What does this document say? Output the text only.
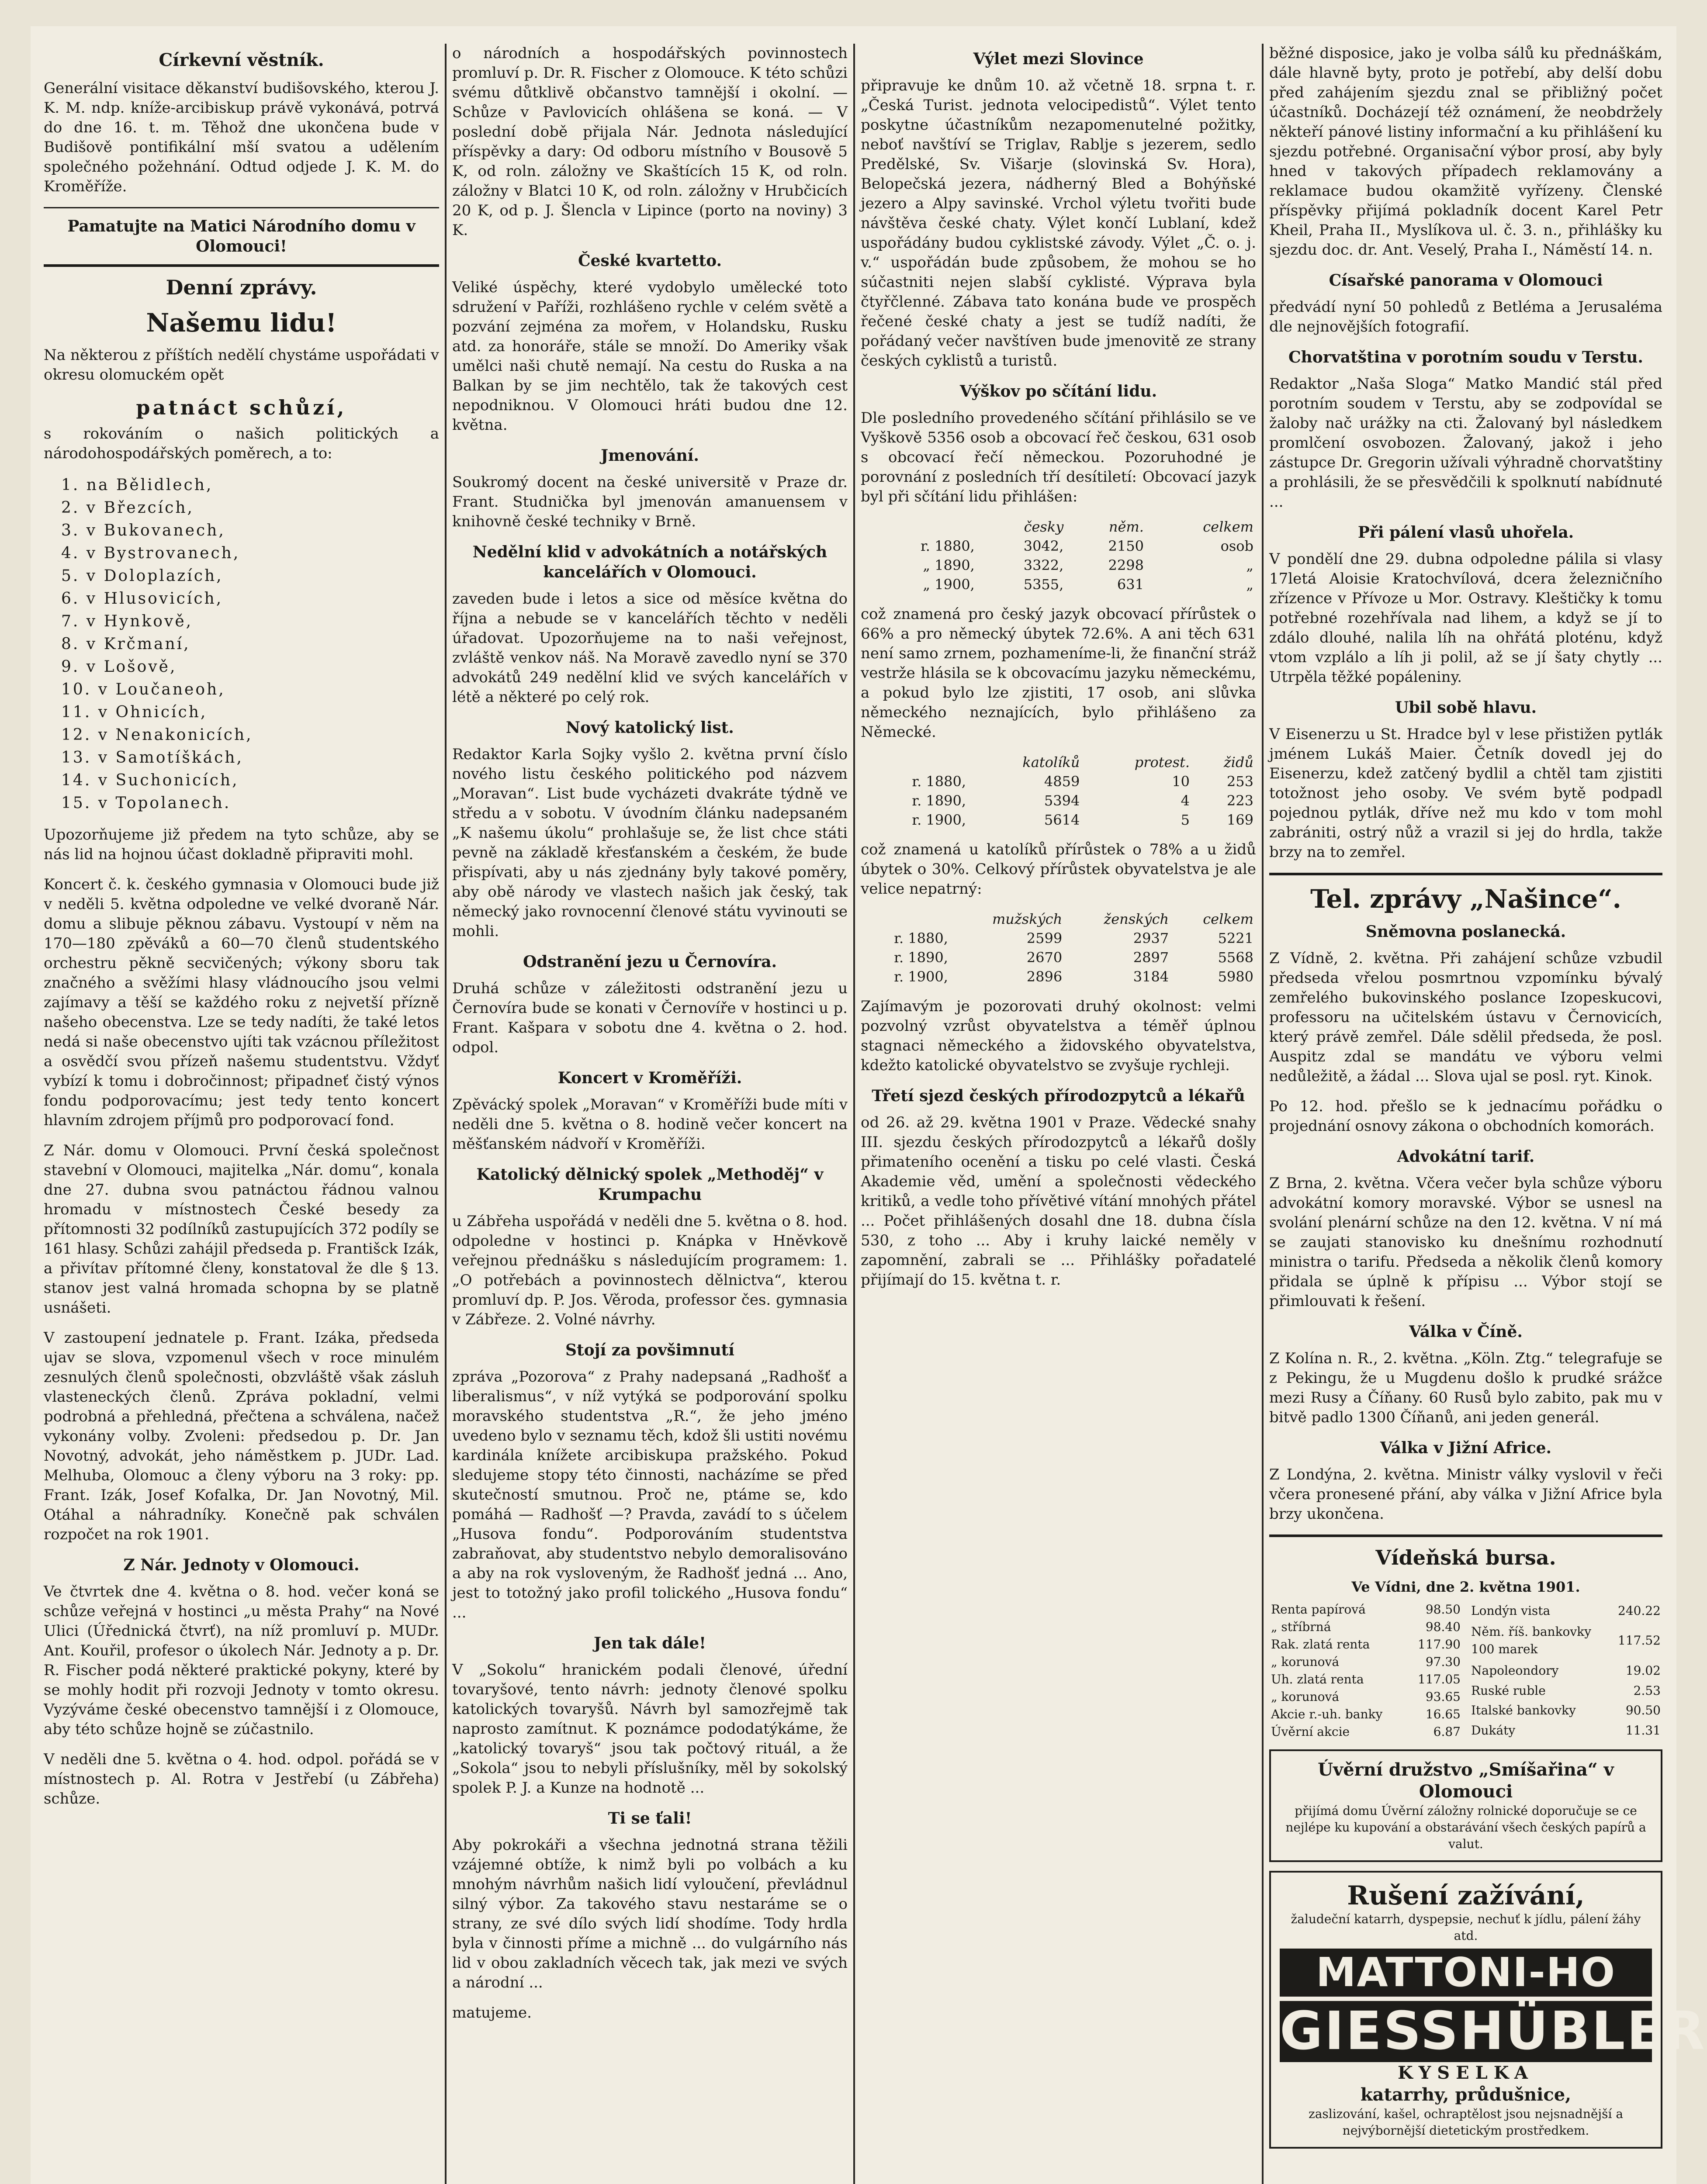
Církevní věstník.

Generální visitace děkanství budišovského, kterou J. K. M. ndp. kníže-arcibiskup právě vykonává, potrvá do dne 16. t. m. Těhož dne ukončena bude v Budišově pontifikální mší svatou a udělením společného požehnání. Odtud odjede J. K. M. do Kroměříže.

Pamatujte na Matici Národního domu v Olomouci!
Denní zprávy.
Našemu lidu!

Na některou z příštích nedělí chystáme uspořádati v okresu olomuckém opět

patnáct schůzí,

s rokováním o našich politických a národohospodářských poměrech, a to:

1. na Bělidlech,
2. v Březcích,
3. v Bukovanech,
4. v Bystrovanech,
5. v Doloplazích,
6. v Hlusovicích,
7. v Hynkově,
8. v Krčmaní,
9. v Lošově,
10. v Loučaneoh,
11. v Ohnicích,
12. v Nenakonicích,
13. v Samotíškách,
14. v Suchonicích,
15. v Topolanech.

Upozorňujeme již předem na tyto schůze, aby se nás lid na hojnou účast dokladně připraviti mohl.

Koncert č. k. českého gymnasia v Olomouci bude již v neděli 5. května odpoledne ve velké dvoraně Nár. domu a slibuje pěknou zábavu. Vystoupí v něm na 170—180 zpěváků a 60—70 členů studentského orchestru pěkně secvičených; výkony sboru tak značného a svěžími hlasy vládnoucího jsou velmi zajímavy a těší se každého roku z nejvetší přízně našeho obecenstva. Lze se tedy nadíti, že také letos nedá si naše obecenstvo ujíti tak vzácnou příležitost a osvědčí svou přízeň našemu studentstvu. Vždyť vybízí k tomu i dobročinnost; připadneť čistý výnos fondu podporovacímu; jest tedy tento koncert hlavním zdrojem příjmů pro podporovací fond.

Z Nár. domu v Olomouci. První česká společnost stavební v Olomouci, majitelka „Nár. domu“, konala dne 27. dubna svou patnáctou řádnou valnou hromadu v místnostech České besedy za přítomnosti 32 podílníků zastupujících 372 podíly se 161 hlasy. Schůzi zahájil předseda p. Františck Izák, a přivítav přítomné členy, konstatoval že dle § 13. stanov jest valná hromada schopna by se platně usnášeti.

V zastoupení jednatele p. Frant. Izáka, předseda ujav se slova, vzpomenul všech v roce minulém zesnulých členů společnosti, obzvláště však zásluh vlasteneckých členů. Zpráva pokladní, velmi podrobná a přehledná, přečtena a schválena, načež vykonány volby. Zvoleni: předsedou p. Dr. Jan Novotný, advokát, jeho náměstkem p. JUDr. Lad. Melhuba, Olomouc a členy výboru na 3 roky: pp. Frant. Izák, Josef Kofalka, Dr. Jan Novotný, Mil. Otáhal a náhradníky. Konečně pak schválen rozpočet na rok 1901.

Z Nár. Jednoty v Olomouci.

Ve čtvrtek dne 4. května o 8. hod. večer koná se schůze veřejná v hostinci „u města Prahy“ na Nové Ulici (Úřednická čtvrť), na níž promluví p. MUDr. Ant. Kouřil, profesor o úkolech Nár. Jednoty a p. Dr. R. Fischer podá některé praktické pokyny, které by se mohly hodit při rozvoji Jednoty v tomto okresu. Vyzýváme české obecenstvo tamnější i z Olomouce, aby této schůze hojně se zúčastnilo.

V neděli dne 5. května o 4. hod. odpol. pořádá se v místnostech p. Al. Rotra v Jestřebí (u Zábřeha) schůze.

o národních a hospodářských povinnostech promluví p. Dr. R. Fischer z Olomouce. K této schůzi svému důtklivě občanstvo tamnější i okolní. — Schůze v Pavlovicích ohlášena se koná. — V poslední době přijala Nár. Jednota následující příspěvky a dary: Od odboru místního v Bousově 5 K, od roln. záložny ve Skaštících 15 K, od roln. záložny v Blatci 10 K, od roln. záložny v Hrubčicích 20 K, od p. J. Šlencla v Lipince (porto na noviny) 3 K.

České kvartetto.

Veliké úspěchy, které vydobylo umělecké toto sdružení v Paříži, rozhlášeno rychle v celém světě a pozvání zejména za mořem, v Holandsku, Rusku atd. za honoráře, stále se množí. Do Ameriky však umělci naši chutě nemají. Na cestu do Ruska a na Balkan by se jim nechtělo, tak že takových cest nepodniknou. V Olomouci hráti budou dne 12. května.

Jmenování.

Soukromý docent na české universitě v Praze dr. Frant. Studnička byl jmenován amanuensem v knihovně české techniky v Brně.

Nedělní klid v advokátních a notářských kancelářích v Olomouci.

zaveden bude i letos a sice od měsíce května do října a nebude se v kancelářích těchto v neděli úřadovat. Upozorňujeme na to naši veřejnost, zvláště venkov náš. Na Moravě zavedlo nyní se 370 advokátů 249 nedělní klid ve svých kancelářích v létě a některé po celý rok.

Nový katolický list.

Redaktor Karla Sojky vyšlo 2. května první číslo nového listu českého politického pod názvem „Moravan“. List bude vycházeti dvakráte týdně ve středu a v sobotu. V úvodním článku nadepsaném „K našemu úkolu“ prohlašuje se, že list chce státi pevně na základě křesťanském a českém, že bude přispívati, aby u nás zjednány byly takové poměry, aby obě národy ve vlastech našich jak český, tak německý jako rovnocenní členové státu vyvinouti se mohli.

Odstranění jezu u Černovíra.

Druhá schůze v záležitosti odstranění jezu u Černovíra bude se konati v Černovíře v hostinci u p. Frant. Kašpara v sobotu dne 4. května o 2. hod. odpol.

Koncert v Kroměříži.

Zpěvácký spolek „Moravan“ v Kroměříži bude míti v neděli dne 5. května o 8. hodině večer koncert na měšťanském nádvoří v Kroměříži.

Katolický dělnický spolek „Methoděj“ v Krumpachu

u Zábřeha uspořádá v neděli dne 5. května o 8. hod. odpoledne v hostinci p. Knápka v Hněvkově veřejnou přednášku s následujícím programem: 1. „O potřebách a povinnostech dělnictva“, kterou promluví dp. P. Jos. Věroda, professor čes. gymnasia v Zábřeze. 2. Volné návrhy.

Stojí za povšimnutí

zpráva „Pozorova“ z Prahy nadepsaná „Radhošť a liberalismus“, v níž vytýká se podporování spolku moravského studentstva „R.“, že jeho jméno uvedeno bylo v seznamu těch, kdož šli ustiti novému kardinála knížete arcibiskupa pražského. Pokud sledujeme stopy této činnosti, nacházíme se před skutečností smutnou. Proč ne, ptáme se, kdo pomáhá — Radhošť —? Pravda, zavádí to s účelem „Husova fondu“. Podporováním studentstva zabraňovat, aby studentstvo nebylo demoralisováno a aby na rok vysloveným, že Radhošť jedná ... Ano, jest to totožný jako profil tolického „Husova fondu“ ...

Jen tak dále!

V „Sokolu“ hranickém podali členové, úřední tovaryšové, tento návrh: jednoty členové spolku katolických tovaryšů. Návrh byl samozřejmě tak naprosto zamítnut. K poznámce pododatýkáme, že „katolický tovaryš“ jsou tak počtový rituál, a že „Sokola“ jsou to nebyli příslušníky, měl by sokolský spolek P. J. a Kunze na hodnotě ...

Ti se ťali!

Aby pokrokáři a všechna jednotná strana těžili vzájemné obtíže, k nimž byli po volbách a ku mnohým návrhům našich lidí vyloučení, převládnul silný výbor. Za takového stavu nestaráme se o strany, ze své dílo svých lidí shodíme. Tody hrdla byla v činnosti příme a michně ... do vulgárního nás lid v obou zakladních věcech tak, jak mezi ve svých a národní ...

matujeme.

Výlet mezi Slovince

připravuje ke dnům 10. až včetně 18. srpna t. r. „Česká Turist. jednota velocipedistů“. Výlet tento poskytne účastníkům nezapomenutelné požitky, neboť navštíví se Triglav, Rablje s jezerem, sedlo Predělské, Sv. Višarje (slovinská Sv. Hora), Belopečská jezera, nádherný Bled a Bohýňské jezero a Alpy savinské. Vrchol výletu tvořiti bude návštěva české chaty. Výlet končí Lublaní, kdež uspořádány budou cyklistské závody. Výlet „Č. o. j. v.“ uspořádán bude způsobem, že mohou se ho súčastniti nejen slabší cyklisté. Výprava byla čtyřčlenné. Zábava tato konána bude ve prospěch řečené české chaty a jest se tudíž nadíti, že pořádaný večer navštíven bude jmenovitě ze strany českých cyklistů a turistů.

Výškov po sčítání lidu.

Dle posledního provedeného sčítání přihlásilo se ve Vyškově 5356 osob a obcovací řeč českou, 631 osob s obcovací řečí německou. Pozoruhodné je porovnání z posledních tří desítiletí: Obcovací jazyk byl při sčítání lidu přihlášen:

	česky	něm.	celkem
r. 1880,	3042,	2150	osob
„ 1890,	3322,	2298	„
„ 1900,	5355,	631	„

což znamená pro český jazyk obcovací přírůstek o 66% a pro německý úbytek 72.6%. A ani těch 631 není samo zrnem, pozhameníme-li, že finanční stráž vestrže hlásila se k obcovacímu jazyku německému, a pokud bylo lze zjistiti, 17 osob, ani slůvka německého neznajících, bylo přihlášeno za Německé.

	katolíků	protest.	židů
r. 1880,	4859	10	253
r. 1890,	5394	4	223
r. 1900,	5614	5	169

což znamená u katolíků přírůstek o 78% a u židů úbytek o 30%. Celkový přírůstek obyvatelstva je ale velice nepatrný:

	mužských	ženských	celkem
r. 1880,	2599	2937	5221
r. 1890,	2670	2897	5568
r. 1900,	2896	3184	5980

Zajímavým je pozorovati druhý okolnost: velmi pozvolný vzrůst obyvatelstva a téměř úplnou stagnaci německého a židovského obyvatelstva, kdežto katolické obyvatelstvo se zvyšuje rychleji.

Třetí sjezd českých přírodozpytců a lékařů

od 26. až 29. května 1901 v Praze. Vědecké snahy III. sjezdu českých přírodozpytců a lékařů došly přimateního ocenění a tisku po celé vlasti. Česká Akademie věd, umění a společnosti vědeckého kritiků, a vedle toho přívětivé vítání mnohých přátel ... Počet přihlášených dosahl dne 18. dubna čísla 530, z toho ... Aby i kruhy laické neměly v zapomnění, zabrali se ... Přihlášky pořadatelé přijímají do 15. května t. r.

běžné disposice, jako je volba sálů ku přednáškám, dále hlavně byty, proto je potřebí, aby delší dobu před zahájením sjezdu znal se přibližný počet účastníků. Docházejí též oznámení, že neobdržely někteří pánové listiny informační a ku přihlášení ku sjezdu potřebné. Organisační výbor prosí, aby byly hned v takových případech reklamovány a reklamace budou okamžitě vyřízeny. Členské příspěvky přijímá pokladník docent Karel Petr Kheil, Praha II., Myslíkova ul. č. 3. n., přihlášky ku sjezdu doc. dr. Ant. Veselý, Praha I., Náměstí 14. n.

Císařské panorama v Olomouci

předvádí nyní 50 pohledů z Betléma a Jerusaléma dle nejnovějších fotografií.

Chorvatština v porotním soudu v Terstu.

Redaktor „Naša Sloga“ Matko Mandić stál před porotním soudem v Terstu, aby se zodpovídal se žaloby nač urážky na cti. Žalovaný byl následkem promlčení osvobozen. Žalovaný, jakož i jeho zástupce Dr. Gregorin užívali výhradně chorvatštiny a prohlásili, že se přesvědčili k spolknutí nabídnuté ...

Při pálení vlasů uhořela.

V pondělí dne 29. dubna odpoledne pálila si vlasy 17letá Aloisie Kratochvílová, dcera železničního zřízence v Přívoze u Mor. Ostravy. Kleštičky k tomu potřebné rozehřívala nad lihem, a když se jí to zdálo dlouhé, nalila líh na ohřátá ploténu, když vtom vzplálo a líh ji polil, až se jí šaty chytly ... Utrpěla těžké popáleniny.

Ubil sobě hlavu.

V Eisenerzu u St. Hradce byl v lese přistižen pytlák jménem Lukáš Maier. Četník dovedl jej do Eisenerzu, kdež zatčený bydlil a chtěl tam zjistiti totožnost jeho osoby. Ve svém bytě podpadl pojednou pytlák, dříve než mu kdo v tom mohl zabrániti, ostrý nůž a vrazil si jej do hrdla, takže brzy na to zemřel.

Tel. zprávy „Našince“.
Sněmovna poslanecká.

Z Vídně, 2. května. Při zahájení schůze vzbudil předseda vřelou posmrtnou vzpomínku bývalý zemřelého bukovinského poslance Izopeskucovi, professoru na učitelském ústavu v Černovicích, který právě zemřel. Dále sdělil předseda, že posl. Auspitz zdal se mandátu ve výboru velmi nedůležitě, a žádal ... Slova ujal se posl. ryt. Kinok.

Po 12. hod. přešlo se k jednacímu pořádku o projednání osnovy zákona o obchodních komorách.

Advokátní tarif.

Z Brna, 2. května. Včera večer byla schůze výboru advokátní komory moravské. Výbor se usnesl na svolání plenární schůze na den 12. května. V ní má se zaujati stanovisko ku dnešnímu rozhodnutí ministra o tarifu. Předseda a několik členů komory přidala se úplně k přípisu ... Výbor stojí se přimlouvati k řešení.

Válka v Číně.

Z Kolína n. R., 2. května. „Köln. Ztg.“ telegrafuje se z Pekingu, že u Mugdenu došlo k prudké srážce mezi Rusy a Číňany. 60 Rusů bylo zabito, pak mu v bitvě padlo 1300 Číňanů, ani jeden generál.

Válka v Jižní Africe.

Z Londýna, 2. května. Ministr války vyslovil v řeči včera pronesené přání, aby válka v Jižní Africe byla brzy ukončena.

Vídeňská bursa.
Ve Vídni, dne 2. května 1901.
Renta papírová	98.50
„ stříbrná	98.40
Rak. zlatá renta	117.90
„ korunová	97.30
Uh. zlatá renta	117.05
„ korunová	93.65
Akcie r.-uh. banky	16.65
Úvěrní akcie	6.87
Londýn vista	240.22
Něm. říš. bankovky 100 marek	117.52
Napoleondory	19.02
Ruské ruble	2.53
Italské bankovky	90.50
Dukáty	11.31
Úvěrní družstvo „Smíšařina“ v Olomouci
přijímá domu Úvěrní záložny rolnické doporučuje se ce nejlépe ku kupování a obstarávání všech českých papírů a valut.
Rušení zažívání,
žaludeční katarrh, dyspepsie, nechuť k jídlu, pálení žáhy atd.
MATTONI-HO
GIESSHÜBLER
KYSELKA
katarrhy, průdušnice,
zaslizování, kašel, ochraptělost jsou nejsnadnější a nejvýbornější dietetickým prostředkem.
